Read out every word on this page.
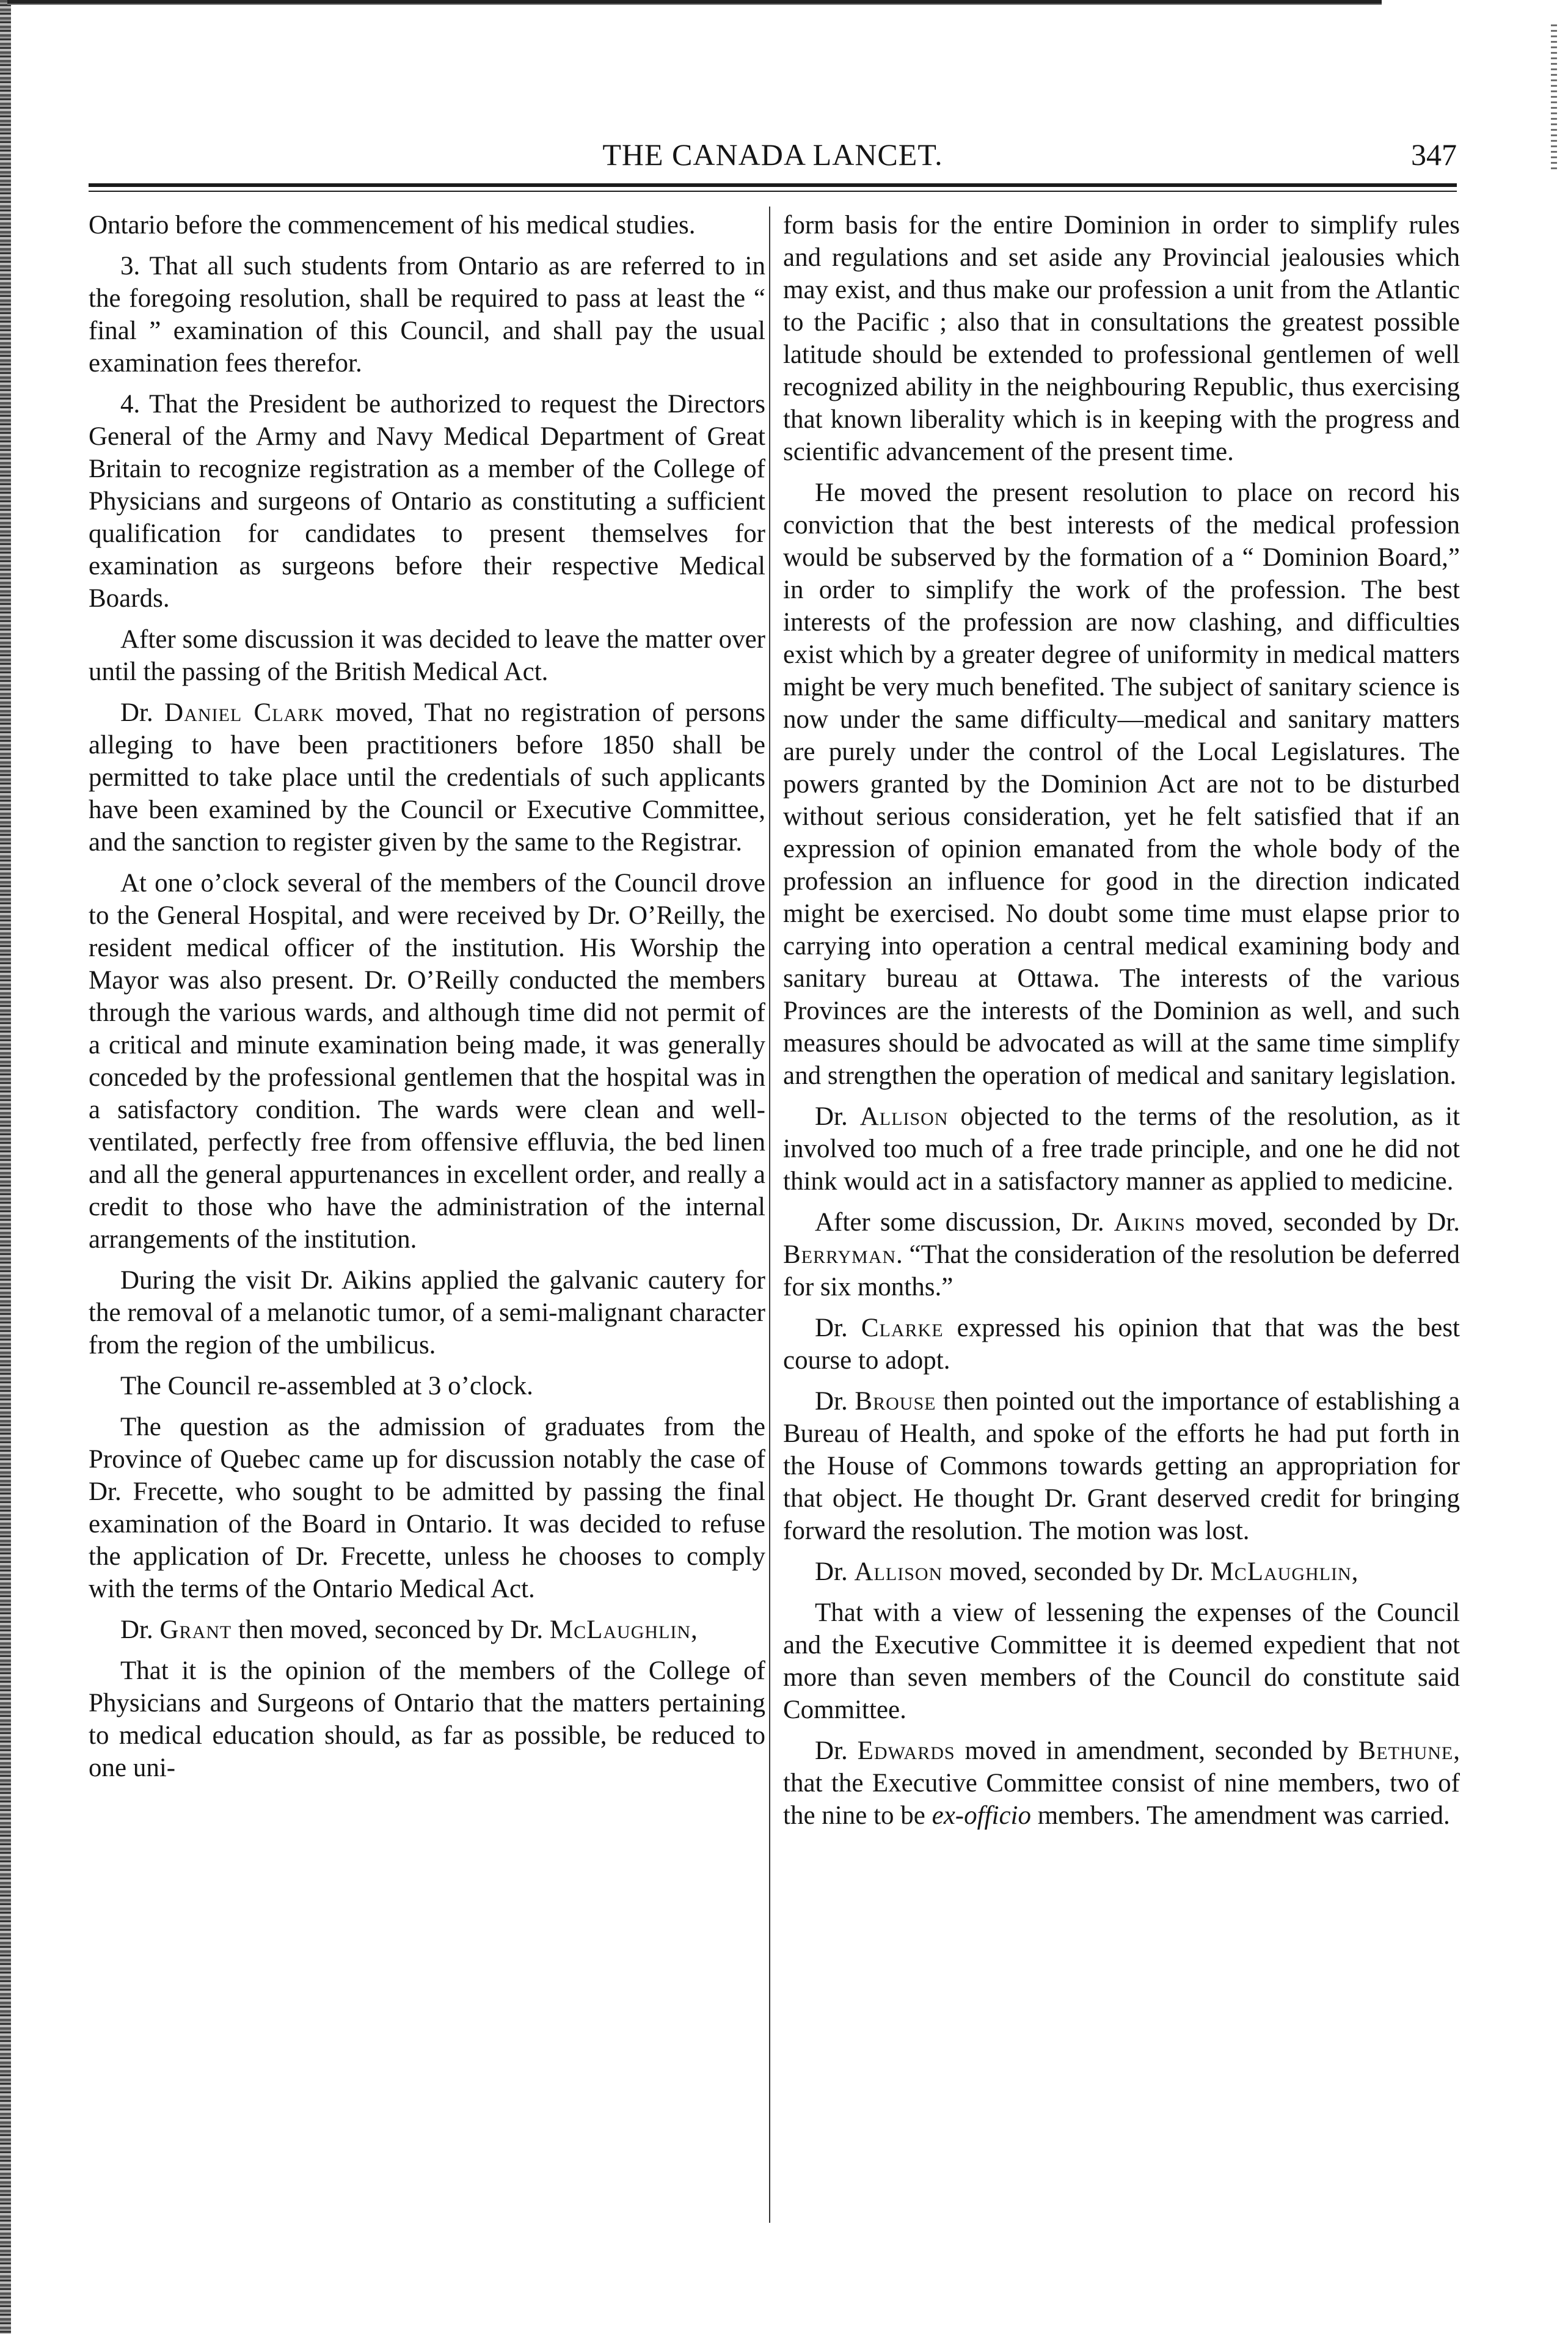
THE CANADA LANCET.	347

Ontario before the commencement of his medical studies.

3. That all such students from Ontario as are referred to in the foregoing resolution, shall be required to pass at least the “ final ” examination of this Council, and shall pay the usual examination fees therefor.

4. That the President be authorized to request the Directors General of the Army and Navy Medical Department of Great Britain to recognize registration as a member of the College of Physicians and surgeons of Ontario as constituting a sufficient qualification for candidates to present themselves for examination as surgeons before their respective Medical Boards.

After some discussion it was decided to leave the matter over until the passing of the British Medical Act.

Dr. Daniel Clark moved, That no registration of persons alleging to have been practitioners before 1850 shall be permitted to take place until the credentials of such applicants have been examined by the Council or Executive Committee, and the sanction to register given by the same to the Registrar.

At one o’clock several of the members of the Council drove to the General Hospital, and were received by Dr. O’Reilly, the resident medical officer of the institution. His Worship the Mayor was also present. Dr. O’Reilly conducted the members through the various wards, and although time did not permit of a critical and minute examination being made, it was generally conceded by the professional gentlemen that the hospital was in a satisfactory condition. The wards were clean and well-ventilated, perfectly free from offensive effluvia, the bed linen and all the general appurtenances in excellent order, and really a credit to those who have the administration of the internal arrangements of the institution.

During the visit Dr. Aikins applied the galvanic cautery for the removal of a melanotic tumor, of a semi-malignant character from the region of the umbilicus.

The Council re-assembled at 3 o’clock.

The question as the admission of graduates from the Province of Quebec came up for discussion notably the case of Dr. Frecette, who sought to be admitted by passing the final examination of the Board in Ontario. It was decided to refuse the application of Dr. Frecette, unless he chooses to comply with the terms of the Ontario Medical Act.

Dr. Grant then moved, seconced by Dr. McLaughlin,

That it is the opinion of the members of the College of Physicians and Surgeons of Ontario that the matters pertaining to medical education should, as far as possible, be reduced to one uni-

form basis for the entire Dominion in order to simplify rules and regulations and set aside any Provincial jealousies which may exist, and thus make our profession a unit from the Atlantic to the Pacific ; also that in consultations the greatest possible latitude should be extended to professional gentlemen of well recognized ability in the neighbouring Republic, thus exercising that known liberality which is in keeping with the progress and scientific advancement of the present time.

He moved the present resolution to place on record his conviction that the best interests of the medical profession would be subserved by the formation of a “ Dominion Board,” in order to simplify the work of the profession. The best interests of the profession are now clashing, and difficulties exist which by a greater degree of uniformity in medical matters might be very much benefited. The subject of sanitary science is now under the same difficulty—medical and sanitary matters are purely under the control of the Local Legislatures. The powers granted by the Dominion Act are not to be disturbed without serious consideration, yet he felt satisfied that if an expression of opinion emanated from the whole body of the profession an influence for good in the direction indicated might be exercised. No doubt some time must elapse prior to carrying into operation a central medical examining body and sanitary bureau at Ottawa. The interests of the various Provinces are the interests of the Dominion as well, and such measures should be advocated as will at the same time simplify and strengthen the operation of medical and sanitary legislation.

Dr. Allison objected to the terms of the resolution, as it involved too much of a free trade principle, and one he did not think would act in a satisfactory manner as applied to medicine.

After some discussion, Dr. Aikins moved, seconded by Dr. Berryman. “That the consideration of the resolution be deferred for six months.”

Dr. Clarke expressed his opinion that that was the best course to adopt.

Dr. Brouse then pointed out the importance of establishing a Bureau of Health, and spoke of the efforts he had put forth in the House of Commons towards getting an appropriation for that object. He thought Dr. Grant deserved credit for bringing forward the resolution. The motion was lost.

Dr. Allison moved, seconded by Dr. McLaughlin,

That with a view of lessening the expenses of the Council and the Executive Committee it is deemed expedient that not more than seven members of the Council do constitute said Committee.

Dr. Edwards moved in amendment, seconded by Bethune, that the Executive Committee consist of nine members, two of the nine to be ex-officio members. The amendment was carried.
